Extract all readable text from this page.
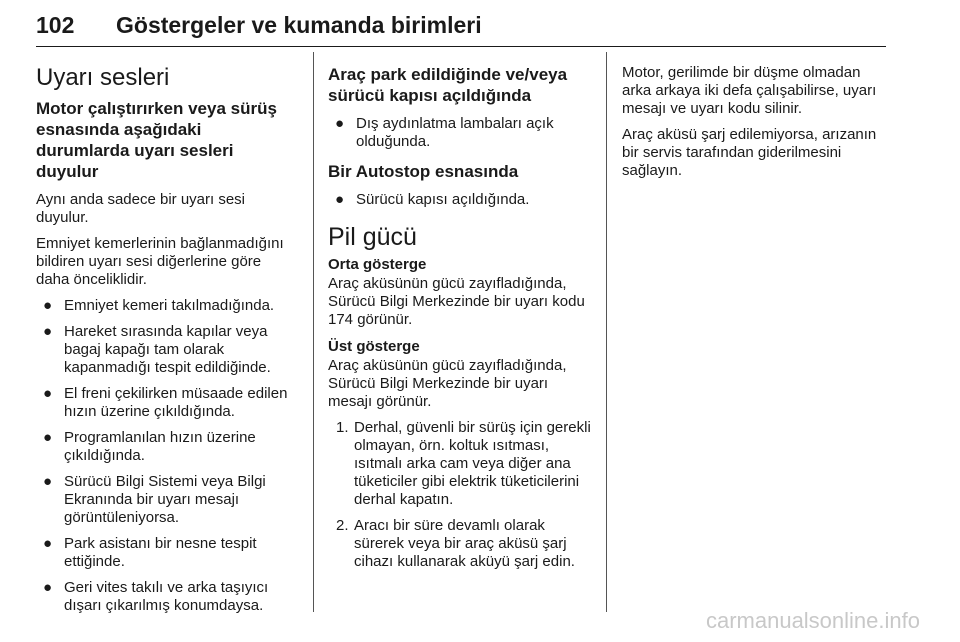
102 Göstergeler ve kumanda birimleri
Uyarı sesleri
Motor çalıştırırken veya sürüş esnasında aşağıdaki durumlarda uyarı sesleri duyulur

Aynı anda sadece bir uyarı sesi duyulur.

Emniyet kemerlerinin bağlanmadığını bildiren uyarı sesi diğerlerine göre daha önceliklidir.

● Emniyet kemeri takılmadığında.
● Hareket sırasında kapılar veya bagaj kapağı tam olarak kapanmadığı tespit edildiğinde.
● El freni çekilirken müsaade edilen hızın üzerine çıkıldığında.
● Programlanılan hızın üzerine çıkıldığında.
● Sürücü Bilgi Sistemi veya Bilgi Ekranında bir uyarı mesajı görüntüleniyorsa.
● Park asistanı bir nesne tespit ettiğinde.
● Geri vites takılı ve arka taşıyıcı dışarı çıkarılmış konumdaysa.
Araç park edildiğinde ve/veya sürücü kapısı açıldığında
● Dış aydınlatma lambaları açık olduğunda.
Bir Autostop esnasında
● Sürücü kapısı açıldığında.
Pil gücü
Orta gösterge

Araç aküsünün gücü zayıfladığında, Sürücü Bilgi Merkezinde bir uyarı kodu 174 görünür.

Üst gösterge

Araç aküsünün gücü zayıfladığında, Sürücü Bilgi Merkezinde bir uyarı mesajı görünür.

1. Derhal, güvenli bir sürüş için gerekli olmayan, örn. koltuk ısıtması, ısıtmalı arka cam veya diğer ana tüketiciler gibi elektrik tüketicilerini derhal kapatın.
2. Aracı bir süre devamlı olarak sürerek veya bir araç aküsü şarj cihazı kullanarak aküyü şarj edin.

Motor, gerilimde bir düşme olmadan arka arkaya iki defa çalışabilirse, uyarı mesajı ve uyarı kodu silinir.

Araç aküsü şarj edilemiyorsa, arızanın bir servis tarafından giderilmesini sağlayın.

carmanualsonline.info
